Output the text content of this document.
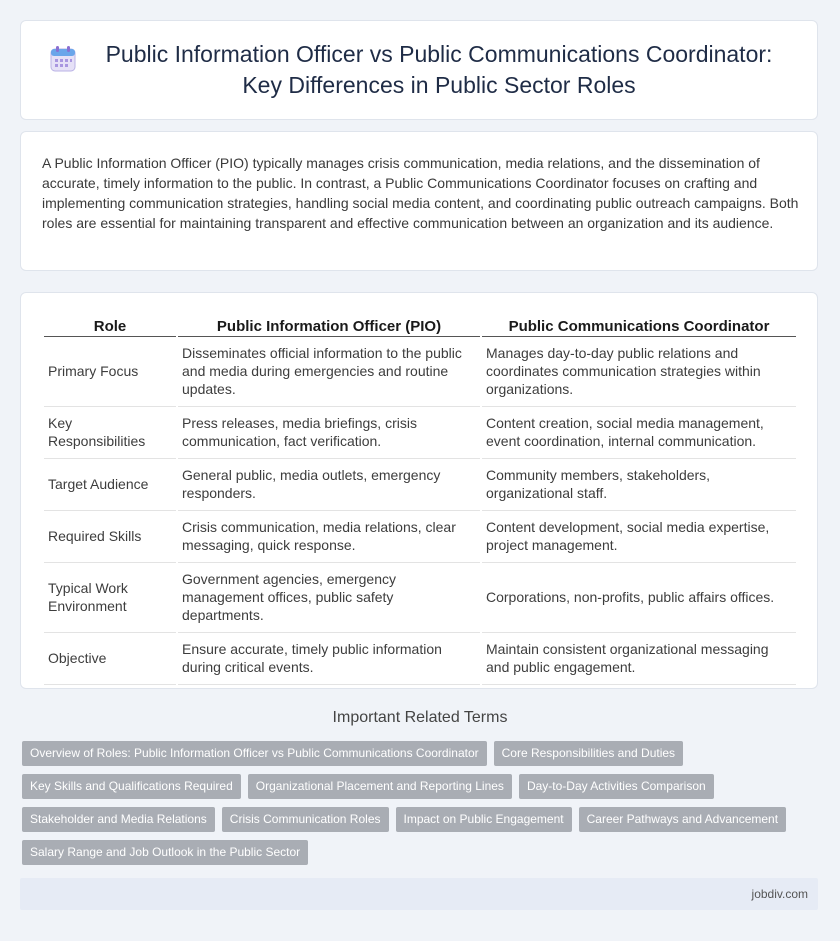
Public Information Officer vs Public Communications Coordinator: Key Differences in Public Sector Roles

A Public Information Officer (PIO) typically manages crisis communication, media relations, and the dissemination of accurate, timely information to the public. In contrast, a Public Communications Coordinator focuses on crafting and implementing communication strategies, handling social media content, and coordinating public outreach campaigns. Both roles are essential for maintaining transparent and effective communication between an organization and its audience.

Role	Public Information Officer (PIO)	Public Communications Coordinator
Primary Focus	Disseminates official information to the public and media during emergencies and routine updates.	Manages day-to-day public relations and coordinates communication strategies within organizations.
Key Responsibilities	Press releases, media briefings, crisis communication, fact verification.	Content creation, social media management, event coordination, internal communication.
Target Audience	General public, media outlets, emergency responders.	Community members, stakeholders, organizational staff.
Required Skills	Crisis communication, media relations, clear messaging, quick response.	Content development, social media expertise, project management.
Typical Work Environment	Government agencies, emergency management offices, public safety departments.	Corporations, non-profits, public affairs offices.
Objective	Ensure accurate, timely public information during critical events.	Maintain consistent organizational messaging and public engagement.
Important Related Terms
Overview of Roles: Public Information Officer vs Public Communications Coordinator	Core Responsibilities and Duties
Key Skills and Qualifications Required	Organizational Placement and Reporting Lines	Day-to-Day Activities Comparison
Stakeholder and Media Relations	Crisis Communication Roles	Impact on Public Engagement	Career Pathways and Advancement
Salary Range and Job Outlook in the Public Sector
jobdiv.com
